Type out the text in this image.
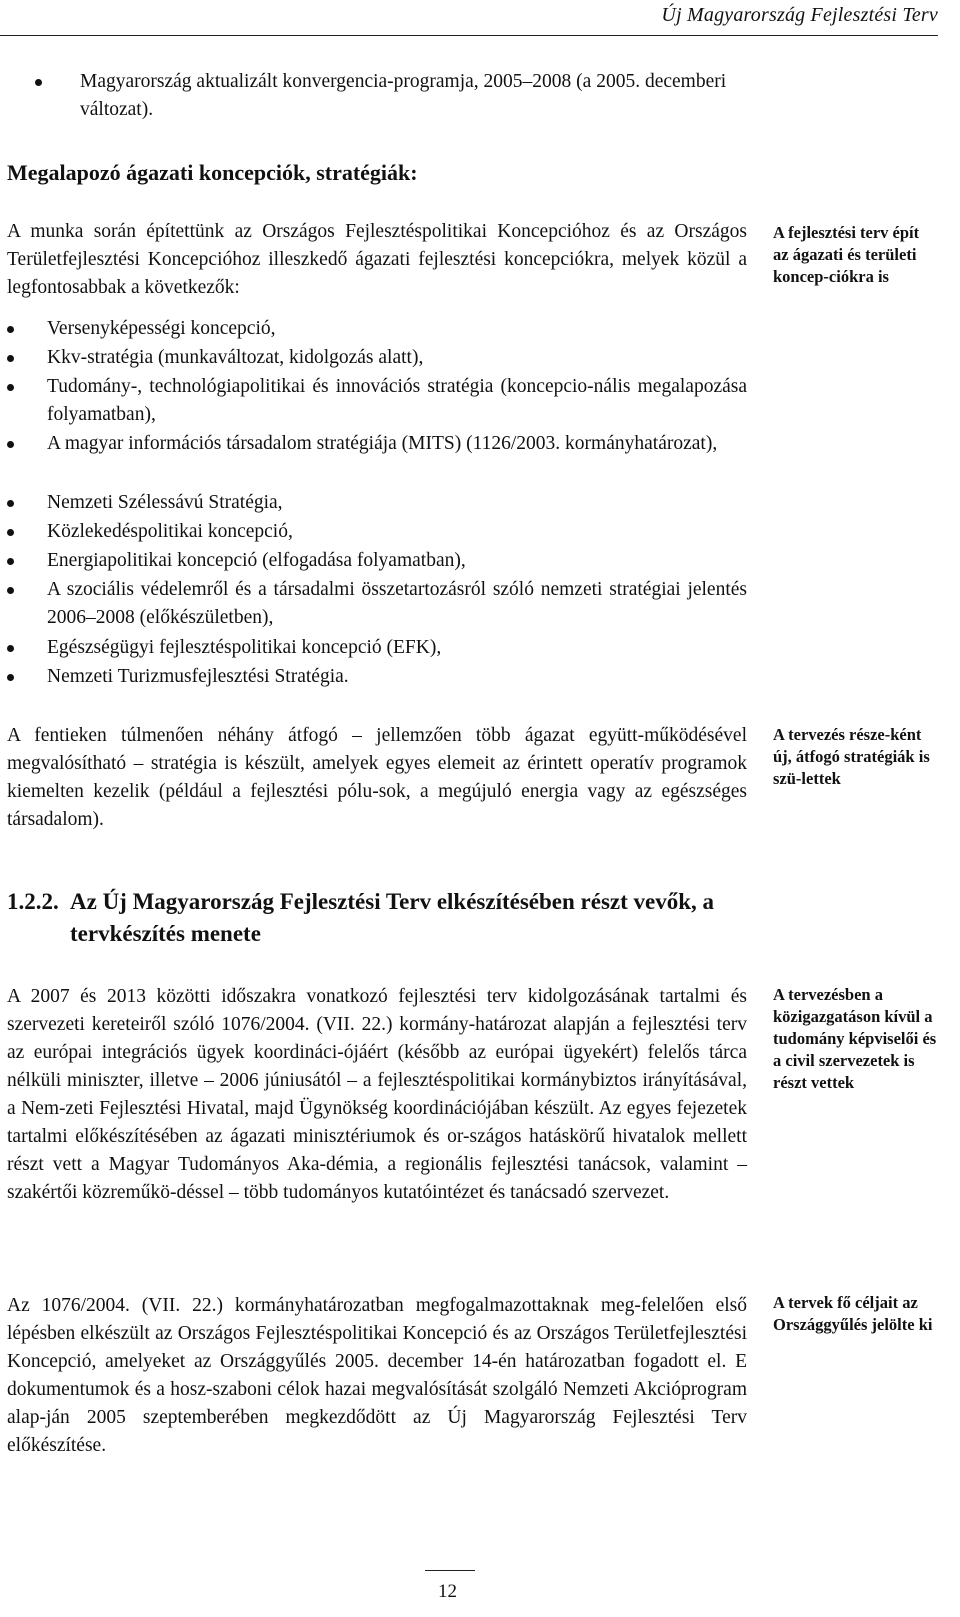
Új Magyarország Fejlesztési Terv
Magyarország aktualizált konvergencia-programja, 2005–2008 (a 2005. decemberi változat).
Megalapozó ágazati koncepciók, stratégiák:
A munka során építettünk az Országos Fejlesztéspolitikai Koncepcióhoz és az Országos Területfejlesztési Koncepcióhoz illeszkedő ágazati fejlesztési koncepciókra, melyek közül a legfontosabbak a következők:
A fejlesztési terv épít az ágazati és területi koncep-ciókra is
Versenyképességi koncepció,
Kkv-stratégia (munkaváltozat, kidolgozás alatt),
Tudomány-, technológiapolitikai és innovációs stratégia (koncepcio-nális megalapozása folyamatban),
A magyar információs társadalom stratégiája (MITS) (1126/2003. kormányhatározat),
Nemzeti Szélessávú Stratégia,
Közlekedéspolitikai koncepció,
Energiapolitikai koncepció (elfogadása folyamatban),
A szociális védelemről és a társadalmi összetartozásról szóló nemzeti stratégiai jelentés 2006–2008 (előkészületben),
Egészségügyi fejlesztéspolitikai koncepció (EFK),
Nemzeti Turizmusfejlesztési Stratégia.
A fentieken túlmenően néhány átfogó – jellemzően több ágazat együtt-működésével megvalósítható – stratégia is készült, amelyek egyes elemeit az érintett operatív programok kiemelten kezelik (például a fejlesztési pólu-sok, a megújuló energia vagy az egészséges társadalom).
A tervezés része-ként új, átfogó stratégiák is szü-lettek
1.2.2. Az Új Magyarország Fejlesztési Terv elkészítésében részt vevők, a tervkészítés menete
A 2007 és 2013 közötti időszakra vonatkozó fejlesztési terv kidolgozásának tartalmi és szervezeti kereteiről szóló 1076/2004. (VII. 22.) kormány-határozat alapján a fejlesztési terv az európai integrációs ügyek koordináci-ójáért (később az európai ügyekért) felelős tárca nélküli miniszter, illetve – 2006 júniusától – a fejlesztéspolitikai kormánybiztos irányításával, a Nem-zeti Fejlesztési Hivatal, majd Ügynökség koordinációjában készült. Az egyes fejezetek tartalmi előkészítésében az ágazati minisztériumok és or-szágos hatáskörű hivatalok mellett részt vett a Magyar Tudományos Aka-démia, a regionális fejlesztési tanácsok, valamint – szakértői közreműkö-déssel – több tudományos kutatóintézet és tanácsadó szervezet.
A tervezésben a közigazgatáson kívül a tudomány képviselői és a civil szervezetek is részt vettek
Az 1076/2004. (VII. 22.) kormányhatározatban megfogalmazottaknak meg-felelően első lépésben elkészült az Országos Fejlesztéspolitikai Koncepció és az Országos Területfejlesztési Koncepció, amelyeket az Országgyűlés 2005. december 14-én határozatban fogadott el. E dokumentumok és a hosz-szaboni célok hazai megvalósítását szolgáló Nemzeti Akcióprogram alap-ján 2005 szeptemberében megkezdődött az Új Magyarország Fejlesztési Terv előkészítése.
A tervek fő céljait az Országgyűlés jelölte ki
12
